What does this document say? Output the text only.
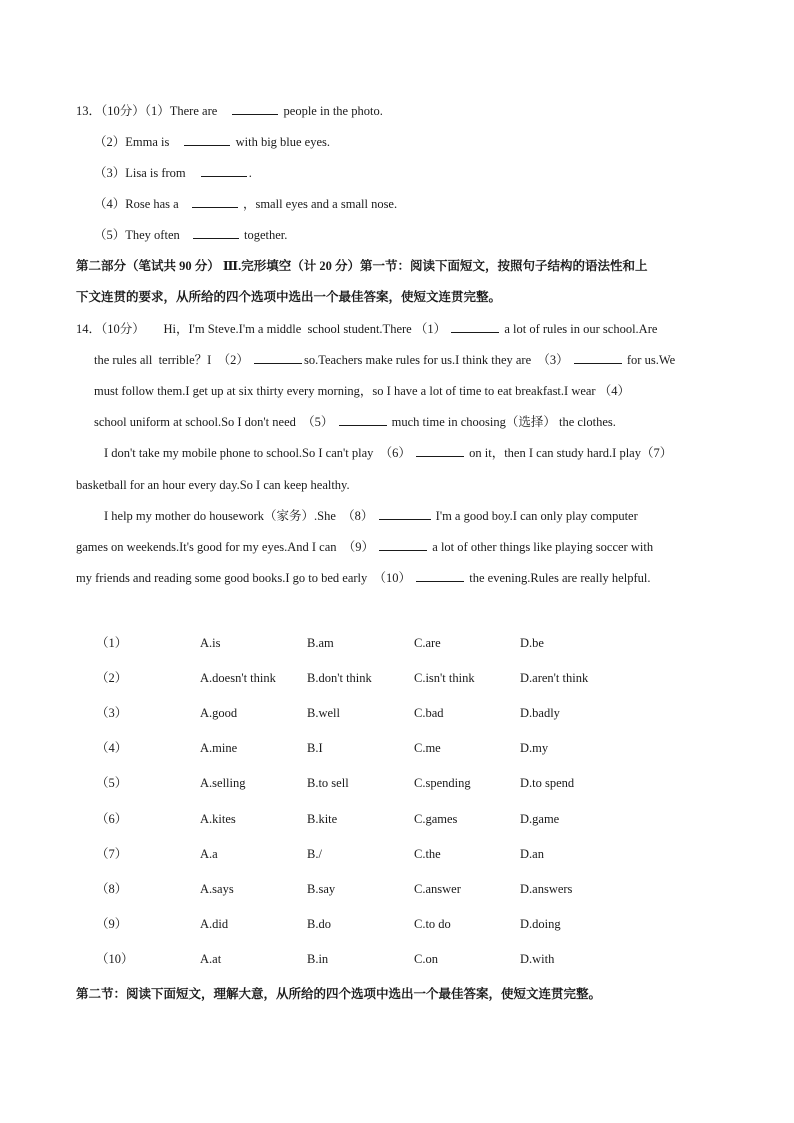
13．（10分）（1）There are	people in the photo.
（2）Emma is	with big blue eyes.
（3）Lisa is from	.
（4）Rose has a	，small eyes and a small nose.
（5）They often	together.
第二部分（笔试共 90 分） Ⅲ.完形填空（计 20 分）第一节：阅读下面短文，按照句子结构的语法性和上
下文连贯的要求，从所给的四个选项中选出一个最佳答案，使短文连贯完整。
14．（10分）      Hi，I'm Steve.I'm a middle  school student.There （1）	a lot of rules in our school.Are
the rules all  terrible？I  （2）	so.Teachers make rules for us.I think they are  （3）	for us.We
must follow them.I get up at six thirty every morning，so I have a lot of time to eat breakfast.I wear （4）
school uniform at school.So I don't need  （5）	much time in choosing（选择） the clothes.
I don't take my mobile phone to school.So I can't play  （6）	on it，then I can study hard.I play（7）
basketball for an hour every day.So I can keep healthy.
I help my mother do housework（家务）.She  （8）	I'm a good boy.I can only play computer
games on weekends.It's good for my eyes.And I can  （9）	a lot of other things like playing soccer with
my friends and reading some good books.I go to bed early  （10）	the evening.Rules are really helpful.
（1）	A.is	B.am	C.are	D.be
（2）	A.doesn't think B.don't think	C.isn't think	D.aren't think
（3）	A.good	B.well	C.bad	D.badly
（4）	A.mine	B.I	C.me	D.my
（5）	A.selling	B.to sell	C.spending	D.to spend
（6）	A.kites	B.kite	C.games	D.game
（7）	A.a	B./	C.the	D.an
（8）	A.says	B.say	C.answer	D.answers
（9）	A.did	B.do	C.to do	D.doing
（10）	A.at	B.in	C.on	D.with
第二节：阅读下面短文，理解大意，从所给的四个选项中选出一个最佳答案，使短文连贯完整。
